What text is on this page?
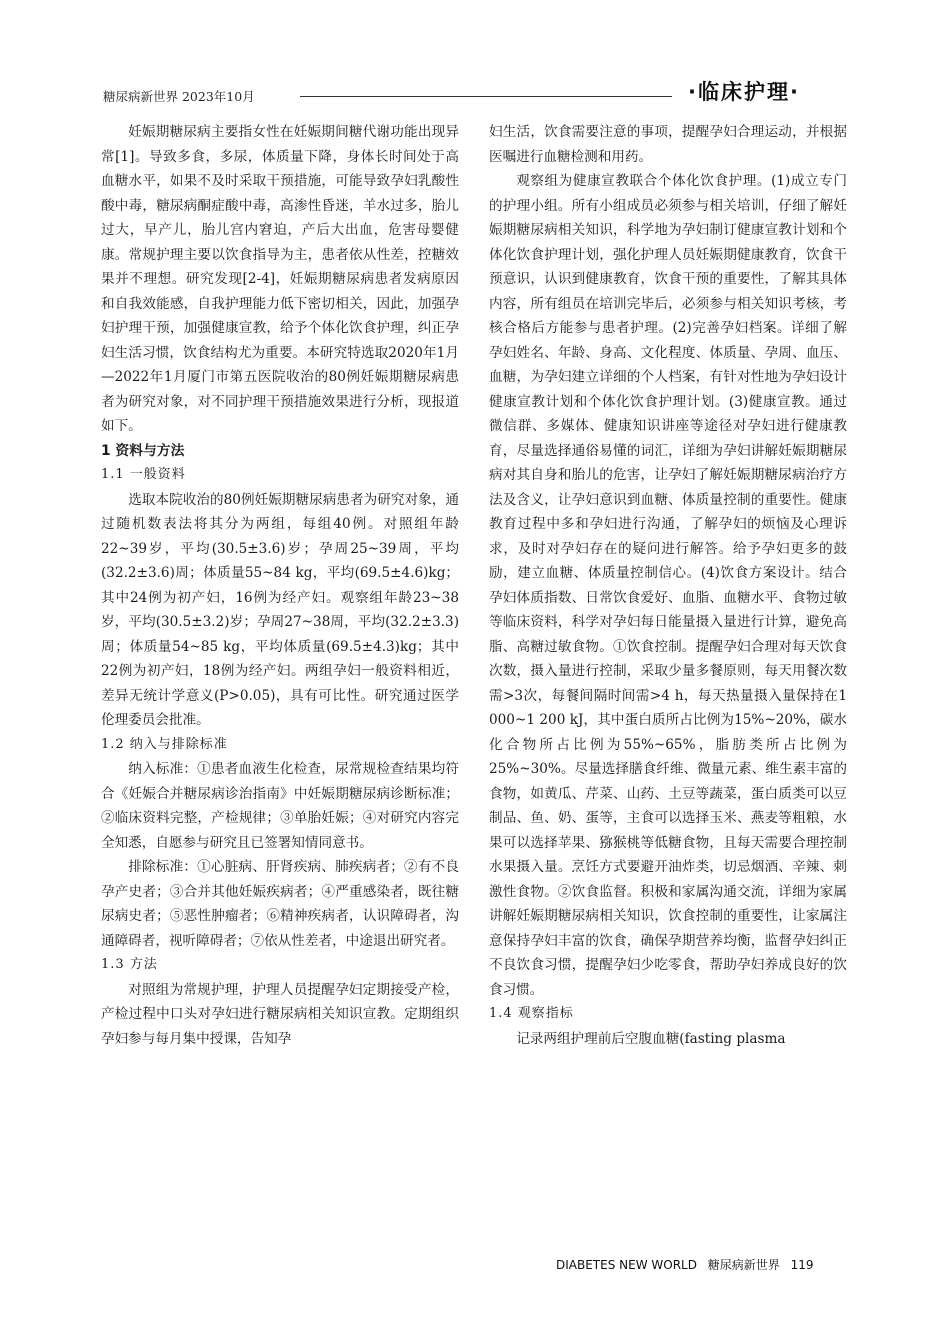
糖尿病新世界 2023年10月	·临床护理·

妊娠期糖尿病主要指女性在妊娠期间糖代谢功能出现异常[1]。导致多食，多尿，体质量下降，身体长时间处于高血糖水平，如果不及时采取干预措施，可能导致孕妇乳酸性酸中毒，糖尿病酮症酸中毒，高渗性昏迷，羊水过多，胎儿过大，早产儿，胎儿宫内窘迫，产后大出血，危害母婴健康。常规护理主要以饮食指导为主，患者依从性差，控糖效果并不理想。研究发现[2-4]，妊娠期糖尿病患者发病原因和自我效能感，自我护理能力低下密切相关，因此，加强孕妇护理干预，加强健康宣教，给予个体化饮食护理，纠正孕妇生活习惯，饮食结构尤为重要。本研究特选取2020年1月—2022年1月厦门市第五医院收治的80例妊娠期糖尿病患者为研究对象，对不同护理干预措施效果进行分析，现报道如下。

1 资料与方法
1.1 一般资料

选取本院收治的80例妊娠期糖尿病患者为研究对象，通过随机数表法将其分为两组，每组40例。对照组年龄22~39岁，平均(30.5±3.6)岁；孕周25~39周，平均(32.2±3.6)周；体质量55~84 kg，平均(69.5±4.6)kg；其中24例为初产妇，16例为经产妇。观察组年龄23~38岁，平均(30.5±3.2)岁；孕周27~38周，平均(32.2±3.3)周；体质量54~85 kg，平均体质量(69.5±4.3)kg；其中22例为初产妇，18例为经产妇。两组孕妇一般资料相近，差异无统计学意义(P>0.05)，具有可比性。研究通过医学伦理委员会批准。

1.2 纳入与排除标准

纳入标准：①患者血液生化检查，尿常规检查结果均符合《妊娠合并糖尿病诊治指南》中妊娠期糖尿病诊断标准；②临床资料完整，产检规律；③单胎妊娠；④对研究内容完全知悉，自愿参与研究且已签署知情同意书。

排除标准：①心脏病、肝肾疾病、肺疾病者；②有不良孕产史者；③合并其他妊娠疾病者；④严重感染者，既往糖尿病史者；⑤恶性肿瘤者；⑥精神疾病者，认识障碍者，沟通障碍者，视听障碍者；⑦依从性差者，中途退出研究者。

1.3 方法

对照组为常规护理，护理人员提醒孕妇定期接受产检，产检过程中口头对孕妇进行糖尿病相关知识宣教。定期组织孕妇参与每月集中授课，告知孕

妇生活，饮食需要注意的事项，提醒孕妇合理运动，并根据医嘱进行血糖检测和用药。

观察组为健康宣教联合个体化饮食护理。(1)成立专门的护理小组。所有小组成员必须参与相关培训，仔细了解妊娠期糖尿病相关知识，科学地为孕妇制订健康宣教计划和个体化饮食护理计划，强化护理人员妊娠期健康教育，饮食干预意识，认识到健康教育，饮食干预的重要性，了解其具体内容，所有组员在培训完毕后，必须参与相关知识考核，考核合格后方能参与患者护理。(2)完善孕妇档案。详细了解孕妇姓名、年龄、身高、文化程度、体质量、孕周、血压、血糖，为孕妇建立详细的个人档案，有针对性地为孕妇设计健康宣教计划和个体化饮食护理计划。(3)健康宣教。通过微信群、多媒体、健康知识讲座等途径对孕妇进行健康教育，尽量选择通俗易懂的词汇，详细为孕妇讲解妊娠期糖尿病对其自身和胎儿的危害，让孕妇了解妊娠期糖尿病治疗方法及含义，让孕妇意识到血糖、体质量控制的重要性。健康教育过程中多和孕妇进行沟通，了解孕妇的烦恼及心理诉求，及时对孕妇存在的疑问进行解答。给予孕妇更多的鼓励，建立血糖、体质量控制信心。(4)饮食方案设计。结合孕妇体质指数、日常饮食爱好、血脂、血糖水平、食物过敏等临床资料，科学对孕妇每日能量摄入量进行计算，避免高脂、高糖过敏食物。①饮食控制。提醒孕妇合理对每天饮食次数，摄入量进行控制，采取少量多餐原则，每天用餐次数需>3次，每餐间隔时间需>4 h，每天热量摄入量保持在1 000~1 200 kJ，其中蛋白质所占比例为15%~20%，碳水化合物所占比例为55%~65%，脂肪类所占比例为25%~30%。尽量选择膳食纤维、微量元素、维生素丰富的食物，如黄瓜、芹菜、山药、土豆等蔬菜，蛋白质类可以豆制品、鱼、奶、蛋等，主食可以选择玉米、燕麦等粗粮，水果可以选择苹果、猕猴桃等低糖食物，且每天需要合理控制水果摄入量。烹饪方式要避开油炸类，切忌烟酒、辛辣、刺激性食物。②饮食监督。积极和家属沟通交流，详细为家属讲解妊娠期糖尿病相关知识，饮食控制的重要性，让家属注意保持孕妇丰富的饮食，确保孕期营养均衡，监督孕妇纠正不良饮食习惯，提醒孕妇少吃零食，帮助孕妇养成良好的饮食习惯。

1.4 观察指标

记录两组护理前后空腹血糖(fasting plasma

DIABETES NEW WORLD 糖尿病新世界 119
